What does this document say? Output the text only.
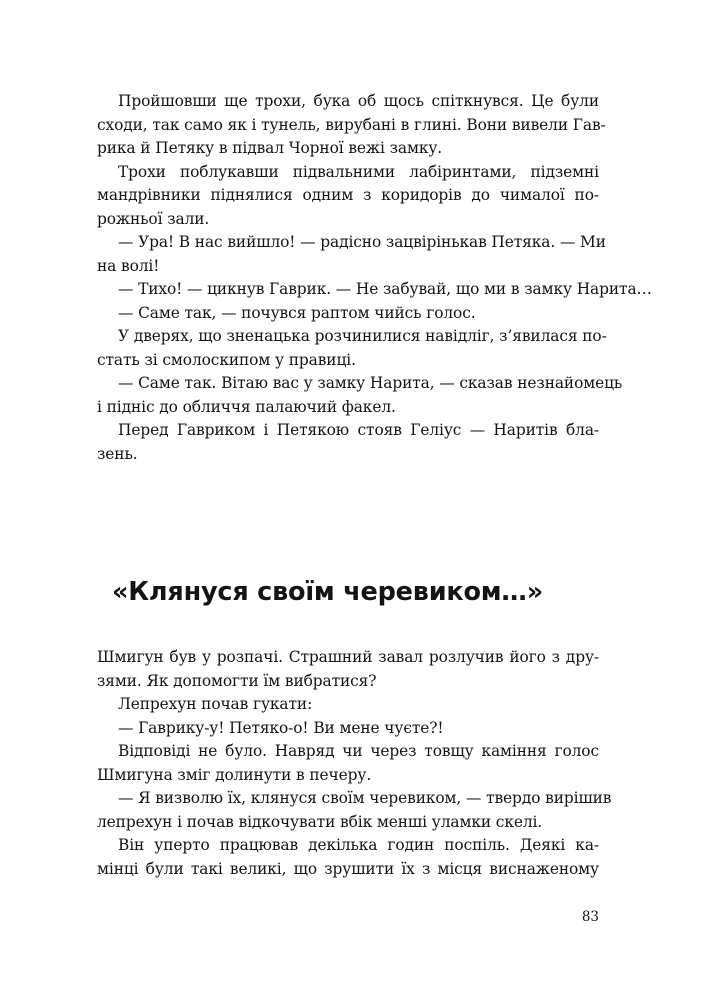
Пройшовши ще трохи, бука об щось спіткнувся. Це були
сходи, так само як і тунель, вирубані в глині. Вони вивели Гав-
рика й Петяку в підвал Чорної вежі замку.
Трохи поблукавши підвальними лабіринтами, підземні
мандрівники піднялися одним з коридорів до чималої по-
рожньої зали.
— Ура! В нас вийшло! — радісно зацвірінькав Петяка. — Ми
на волі!
— Тихо! — цикнув Гаврик. — Не забувай, що ми в замку Нарита…
— Саме так, — почувся раптом чийсь голос.
У дверях, що зненацька розчинилися навідліг, з’явилася по-
стать зі смолоскипом у правиці.
— Саме так. Вітаю вас у замку Нарита, — сказав незнайомець
і підніс до обличчя палаючий факел.
Перед Гавриком і Петякою стояв Геліус — Наритів бла-
зень.
«Клянуся своїм черевиком…»
Шмигун був у розпачі. Страшний завал розлучив його з дру-
зями. Як допомогти їм вибратися?
Лепрехун почав гукати:
— Гаврику-у! Петяко-о! Ви мене чуєте?!
Відповіді не було. Навряд чи через товщу каміння голос
Шмигуна зміг долинути в печеру.
— Я визволю їх, клянуся своїм черевиком, — твердо вирішив
лепрехун і почав відкочувати вбік менші уламки скелі.
Він уперто працював декілька годин поспіль. Деякі ка-
мінці були такі великі, що зрушити їх з місця виснаженому
83
